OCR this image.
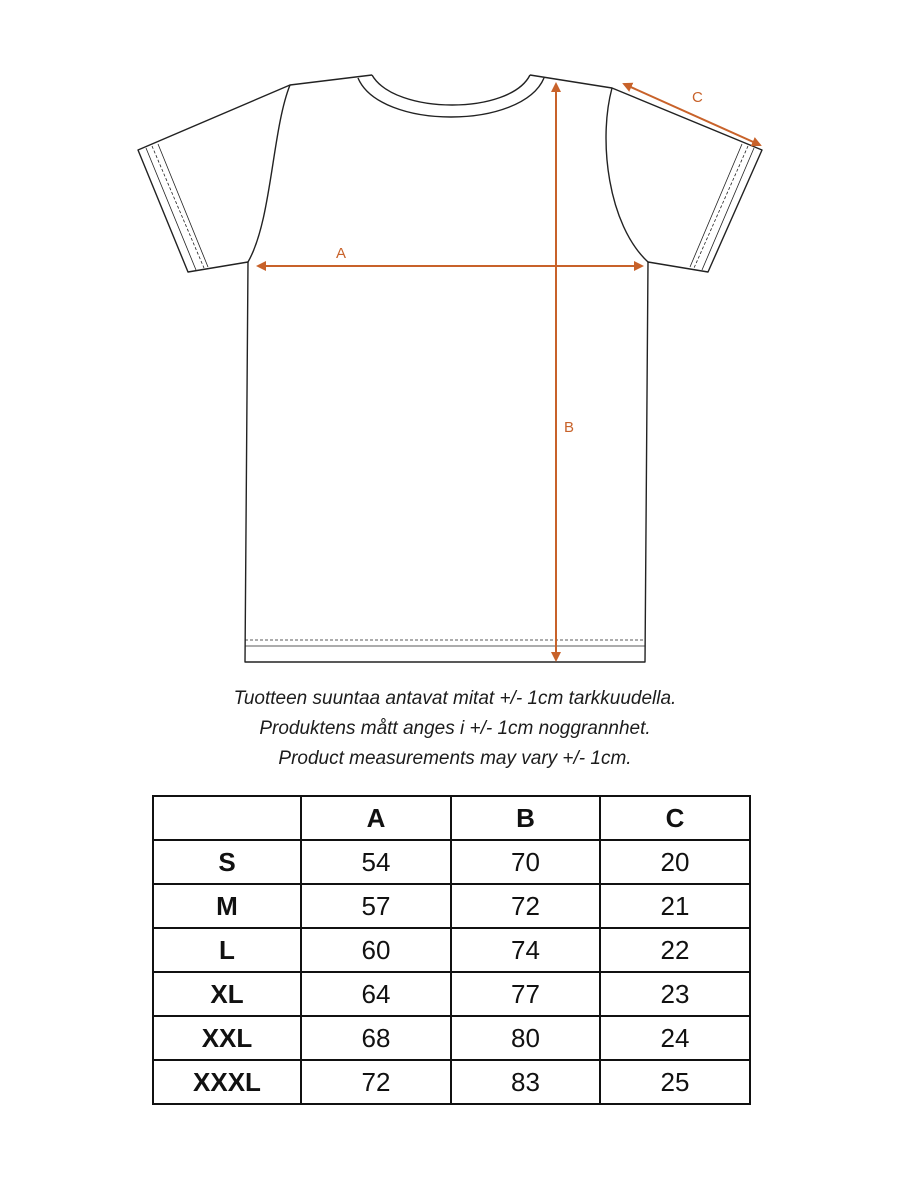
A
B
C
Tuotteen suuntaa antavat mitat +/- 1cm tarkkuudella.
Produktens mått anges i +/- 1cm noggrannhet.
Product measurements may vary +/- 1cm.
	A	B	C
S	54	70	20
M	57	72	21
L	60	74	22
XL	64	77	23
XXL	68	80	24
XXXL	72	83	25
